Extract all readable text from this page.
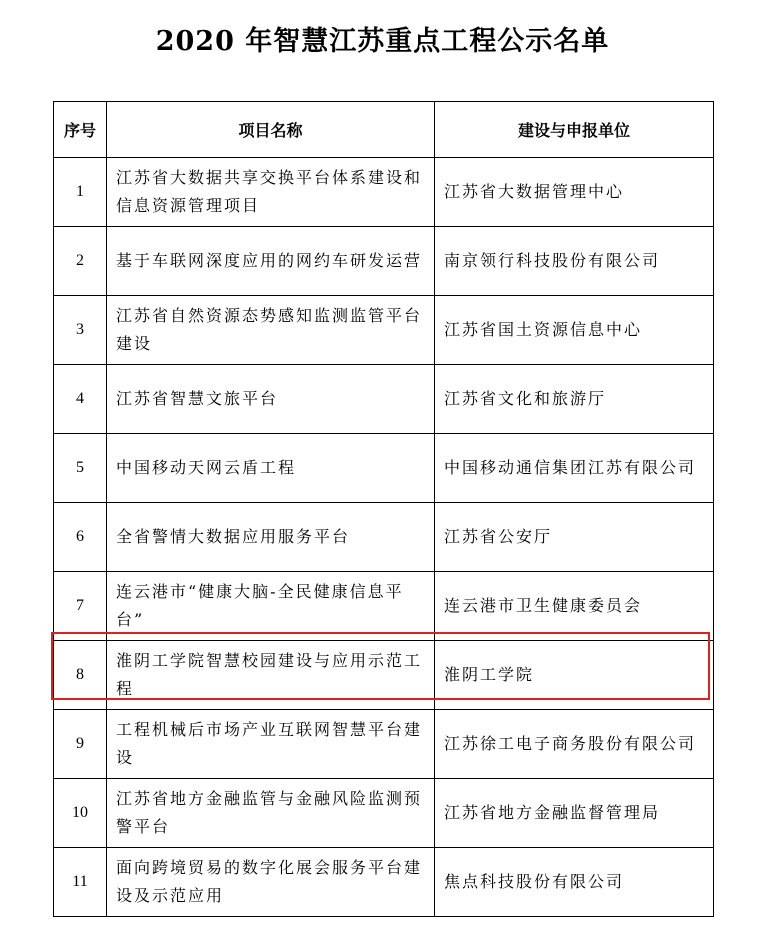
2020 年智慧江苏重点工程公示名单
序号	项目名称	建设与申报单位
1	江苏省大数据共享交换平台体系建设和信息资源管理项目	江苏省大数据管理中心
2	基于车联网深度应用的网约车研发运营	南京领行科技股份有限公司
3	江苏省自然资源态势感知监测监管平台建设	江苏省国土资源信息中心
4	江苏省智慧文旅平台	江苏省文化和旅游厅
5	中国移动天网云盾工程	中国移动通信集团江苏有限公司
6	全省警情大数据应用服务平台	江苏省公安厅
7	连云港市“健康大脑-全民健康信息平台”	连云港市卫生健康委员会
8	淮阴工学院智慧校园建设与应用示范工程	淮阴工学院
9	工程机械后市场产业互联网智慧平台建设	江苏徐工电子商务股份有限公司
10	江苏省地方金融监管与金融风险监测预警平台	江苏省地方金融监督管理局
11	面向跨境贸易的数字化展会服务平台建设及示范应用	焦点科技股份有限公司
